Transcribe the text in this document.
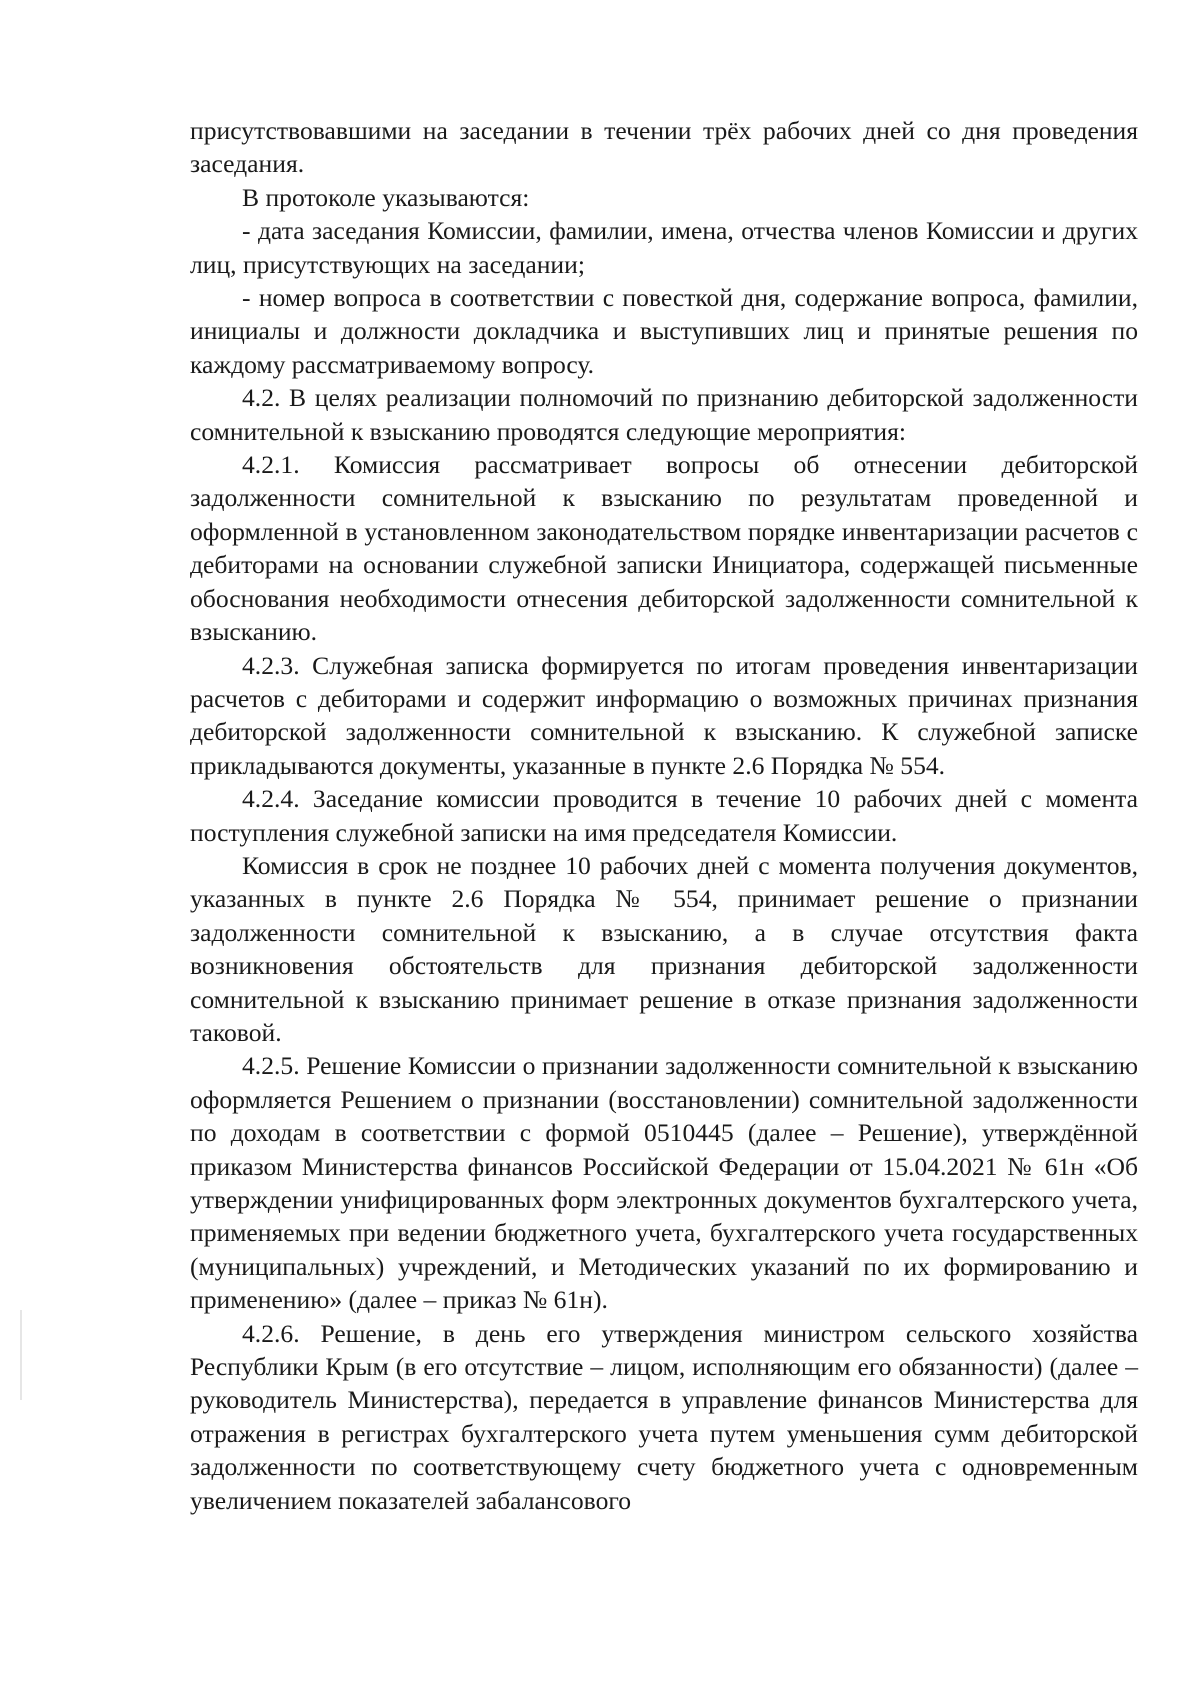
присутствовавшими на заседании в течении трёх рабочих дней со дня проведения заседания.

В протоколе указываются:

- дата заседания Комиссии, фамилии, имена, отчества членов Комиссии и других лиц, присутствующих на заседании;

- номер вопроса в соответствии с повесткой дня, содержание вопроса, фамилии, инициалы и должности докладчика и выступивших лиц и принятые решения по каждому рассматриваемому вопросу.

4.2. В целях реализации полномочий по признанию дебиторской задолженности сомнительной к взысканию проводятся следующие мероприятия:

4.2.1. Комиссия рассматривает вопросы об отнесении дебиторской задолженности сомнительной к взысканию по результатам проведенной и оформленной в установленном законодательством порядке инвентаризации расчетов с дебиторами на основании служебной записки Инициатора, содержащей письменные обоснования необходимости отнесения дебиторской задолженности сомнительной к взысканию.

4.2.3. Служебная записка формируется по итогам проведения инвентаризации расчетов с дебиторами и содержит информацию о возможных причинах признания дебиторской задолженности сомнительной к взысканию. К служебной записке прикладываются документы, указанные в пункте 2.6 Порядка № 554.

4.2.4. Заседание комиссии проводится в течение 10 рабочих дней с момента поступления служебной записки на имя председателя Комиссии.

Комиссия в срок не позднее 10 рабочих дней с момента получения документов, указанных в пункте 2.6 Порядка № 554, принимает решение о признании задолженности сомнительной к взысканию, а в случае отсутствия факта возникновения обстоятельств для признания дебиторской задолженности сомнительной к взысканию принимает решение в отказе признания задолженности таковой.

4.2.5. Решение Комиссии о признании задолженности сомнительной к взысканию оформляется Решением о признании (восстановлении) сомнительной задолженности по доходам в соответствии с формой 0510445 (далее – Решение), утверждённой приказом Министерства финансов Российской Федерации от 15.04.2021 № 61н «Об утверждении унифицированных форм электронных документов бухгалтерского учета, применяемых при ведении бюджетного учета, бухгалтерского учета государственных (муниципальных) учреждений, и Методических указаний по их формированию и применению» (далее – приказ № 61н).

4.2.6. Решение, в день его утверждения министром сельского хозяйства Республики Крым (в его отсутствие – лицом, исполняющим его обязанности) (далее –руководитель Министерства), передается в управление финансов Министерства для отражения в регистрах бухгалтерского учета путем уменьшения сумм дебиторской задолженности по соответствующему счету бюджетного учета с одновременным увеличением показателей забалансового
